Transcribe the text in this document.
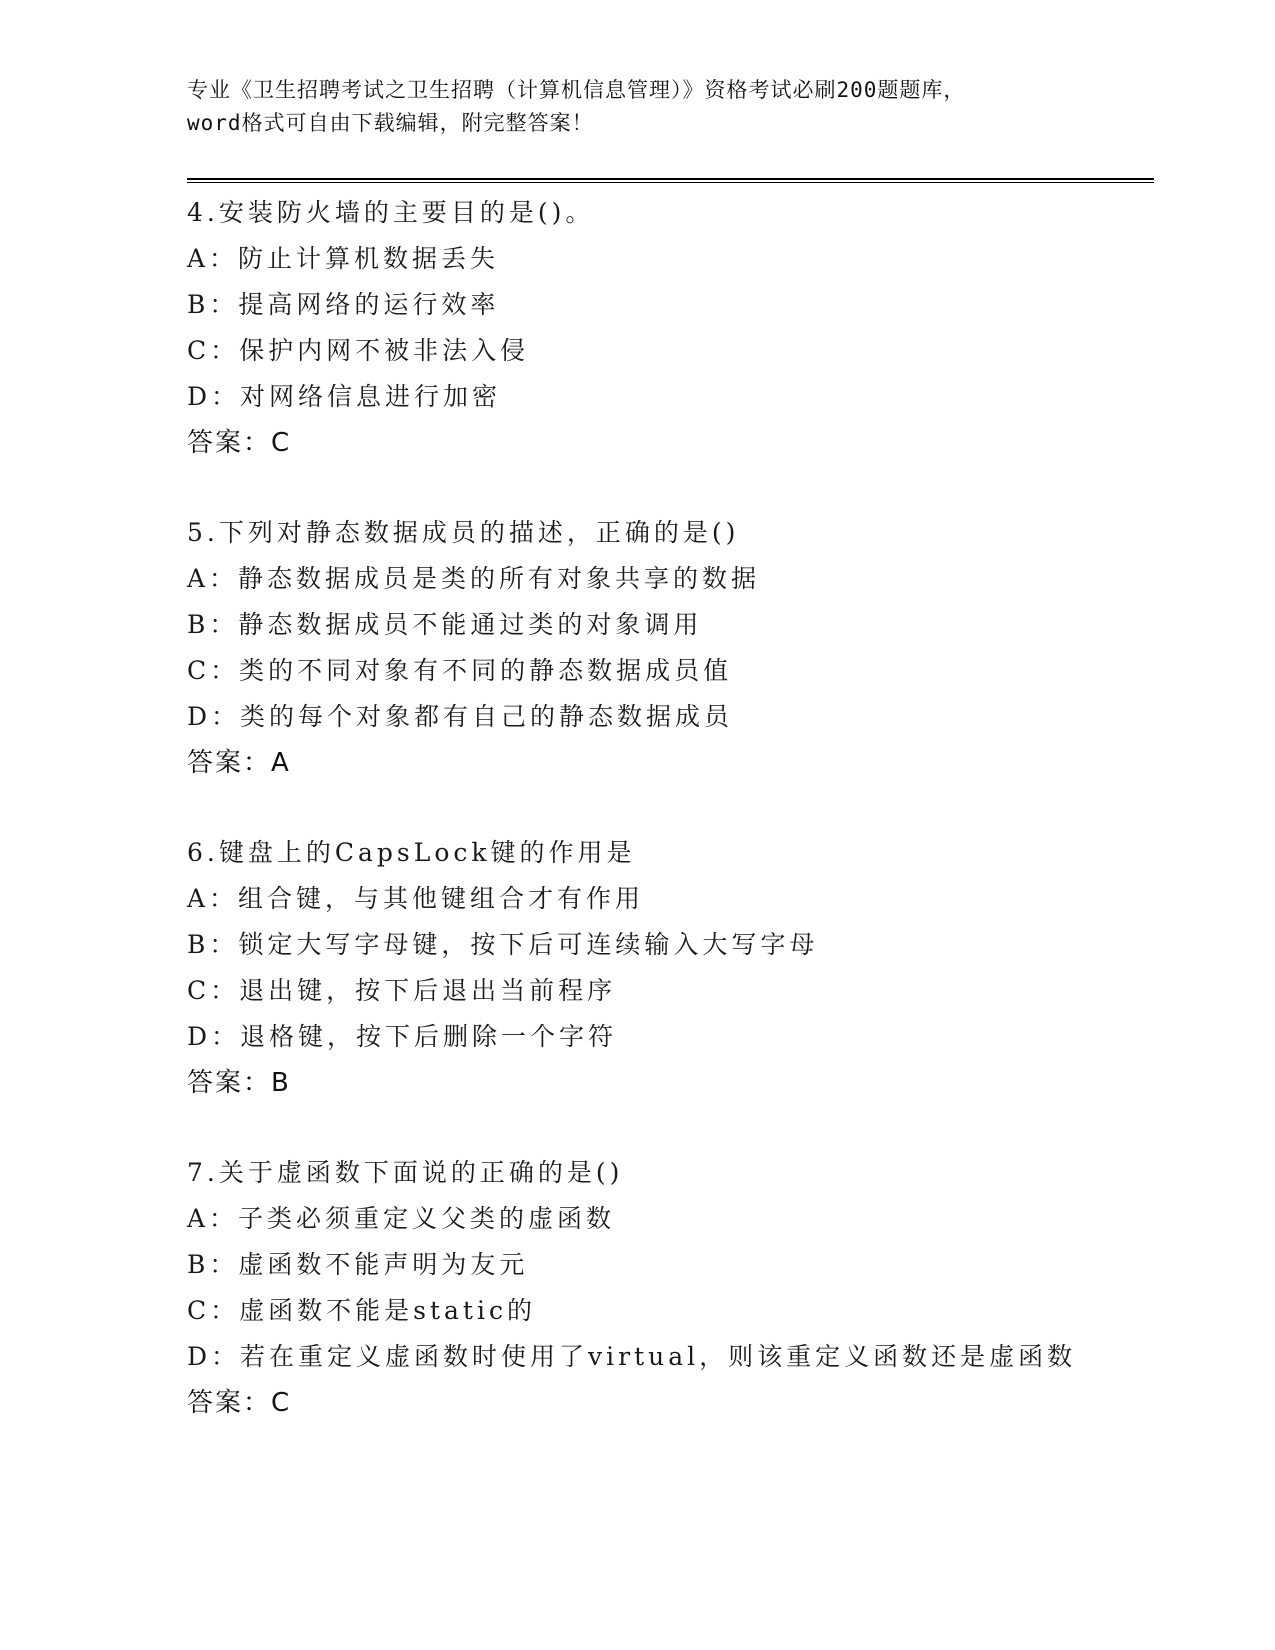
专业《卫生招聘考试之卫生招聘（计算机信息管理）》资格考试必刷200题题库，
word格式可自由下载编辑，附完整答案！
4.安装防火墙的主要目的是()。
A：防止计算机数据丢失
B：提高网络的运行效率
C：保护内网不被非法入侵
D：对网络信息进行加密
答案：C
5.下列对静态数据成员的描述，正确的是()
A：静态数据成员是类的所有对象共享的数据
B：静态数据成员不能通过类的对象调用
C：类的不同对象有不同的静态数据成员值
D：类的每个对象都有自己的静态数据成员
答案：A
6.键盘上的CapsLock键的作用是
A：组合键，与其他键组合才有作用
B：锁定大写字母键，按下后可连续输入大写字母
C：退出键，按下后退出当前程序
D：退格键，按下后删除一个字符
答案：B
7.关于虚函数下面说的正确的是()
A：子类必须重定义父类的虚函数
B：虚函数不能声明为友元
C：虚函数不能是static的
D：若在重定义虚函数时使用了virtual，则该重定义函数还是虚函数
答案：C
